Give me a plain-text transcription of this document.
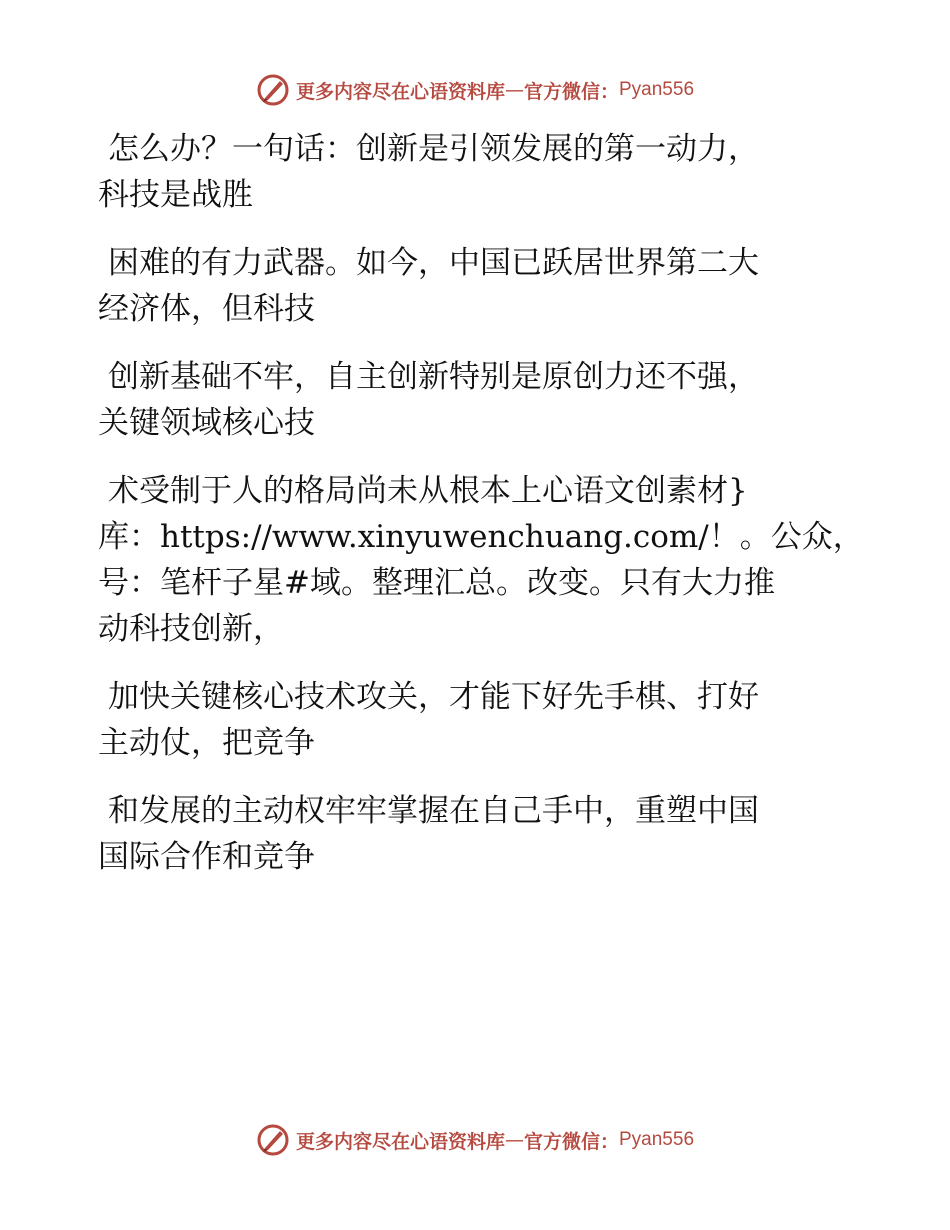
更多内容尽在心语资料库 — 官方微信： Pyan556
怎么办？一句话：创新是引领发展的第一动力，
科技是战胜
困难的有力武器。如今，中国已跃居世界第二大
经济体，但科技
创新基础不牢，自主创新特别是原创力还不强，
关键领域核心技
术受制于人的格局尚未从根本上心语文创素材}
库：https://www.xinyuwenchuang.com/！。公众，
号：笔杆子星#域。整理汇总。改变。只有大力推
动科技创新，
加快关键核心技术攻关，才能下好先手棋、打好
主动仗，把竞争
和发展的主动权牢牢掌握在自己手中，重塑中国
国际合作和竞争
更多内容尽在心语资料库 — 官方微信： Pyan556
